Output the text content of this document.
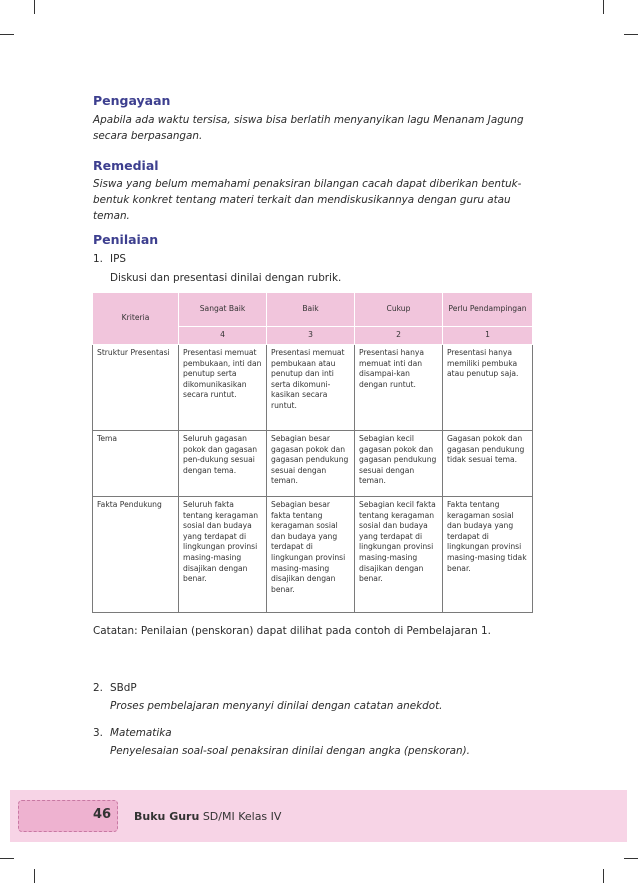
Pengayaan
Apabila ada waktu tersisa, siswa bisa berlatih menyanyikan lagu Menanam Jagung secara berpasangan.
Remedial
Siswa yang belum memahami penaksiran bilangan cacah dapat diberikan bentuk-bentuk konkret tentang materi terkait dan mendiskusikannya dengan guru atau teman.
Penilaian
1. IPS
Diskusi dan presentasi dinilai dengan rubrik.
Kriteria	Sangat Baik	Baik	Cukup	Perlu Pendampingan
	4	3	2	1
Struktur Presentasi	Presentasi memuat pembukaan, inti dan penutup serta dikomunikasikan secara runtut.	Presentasi memuat pembukaan atau penutup dan inti serta dikomuni-kasikan secara runtut.	Presentasi hanya memuat inti dan disampai-kan dengan runtut.	Presentasi hanya memiliki pembuka atau penutup saja.
Tema	Seluruh gagasan pokok dan gagasan pen-dukung sesuai dengan tema.	Sebagian besar gagasan pokok dan gagasan pendukung sesuai dengan teman.	Sebagian kecil gagasan pokok dan gagasan pendukung sesuai dengan teman.	Gagasan pokok dan gagasan pendukung tidak sesuai tema.
Fakta Pendukung	Seluruh fakta tentang keragaman sosial dan budaya yang terdapat di lingkungan provinsi masing-masing disajikan dengan benar.	Sebagian besar fakta tentang keragaman sosial dan budaya yang terdapat di lingkungan provinsi masing-masing disajikan dengan benar.	Sebagian kecil fakta tentang keragaman sosial dan budaya yang terdapat di lingkungan provinsi masing-masing disajikan dengan benar.	Fakta tentang keragaman sosial dan budaya yang terdapat di lingkungan provinsi masing-masing tidak benar.
Catatan: Penilaian (penskoran) dapat dilihat pada contoh di Pembelajaran 1.
2. SBdP
Proses pembelajaran menyanyi dinilai dengan catatan anekdot.
3. Matematika
Penyelesaian soal-soal penaksiran dinilai dengan angka (penskoran).
46 Buku Guru SD/MI Kelas IV
